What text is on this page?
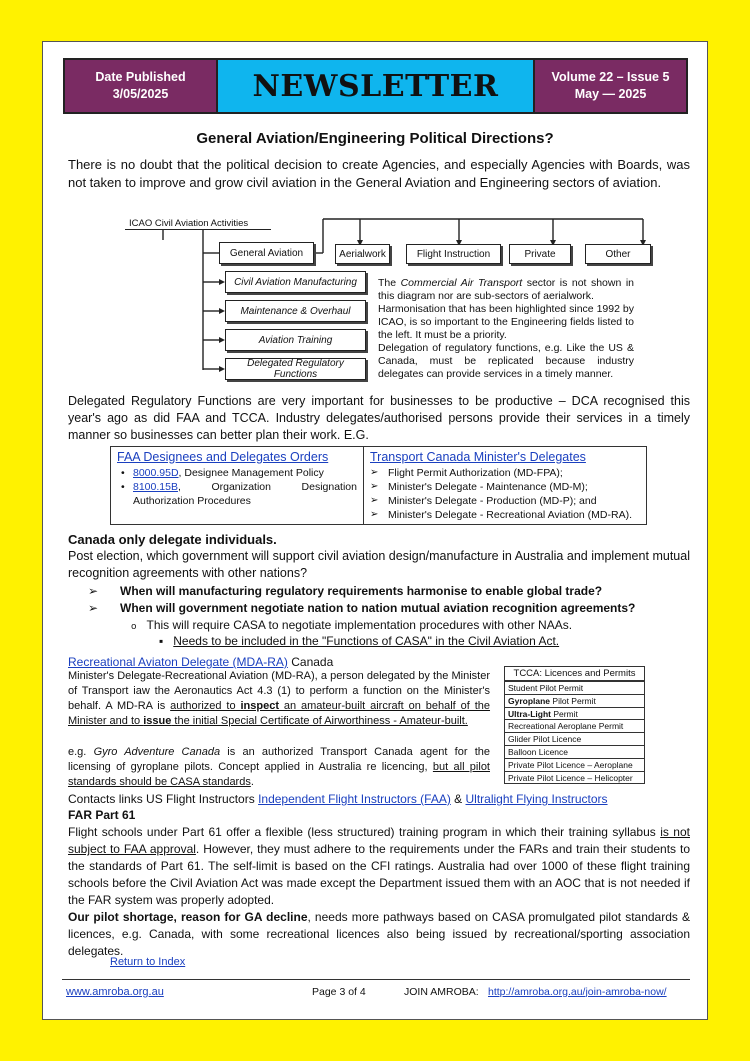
Date Published
3/05/2025	NEWSLETTER	Volume 22 – Issue 5
May — 2025
General Aviation/Engineering Political Directions?
There is no doubt that the political decision to create Agencies, and especially Agencies with Boards, was not taken to improve and grow civil aviation in the General Aviation and Engineering sectors of aviation.
ICAO Civil Aviation Activities
General Aviation	Aerialwork	Flight Instruction	Private	Other
Civil Aviation Manufacturing
Maintenance & Overhaul
Aviation Training
Delegated Regulatory Functions
The Commercial Air Transport sector is not shown in this diagram nor are sub-sectors of aerialwork.
Harmonisation that has been highlighted since 1992 by ICAO, is so important to the Engineering fields listed to the left. It must be a priority.
Delegation of regulatory functions, e.g. Like the US & Canada, must be replicated because industry delegates can provide services in a timely manner.
Delegated Regulatory Functions are very important for businesses to be productive – DCA recognised this year's ago as did FAA and TCCA. Industry delegates/authorised persons provide their services in a timely manner so businesses can better plan their work. E.G.
FAA Designees and Delegates Orders
• 8000.95D, Designee Management Policy
• 8100.15B, Organization Designation Authorization Procedures
Transport Canada Minister's Delegates
➢ Flight Permit Authorization (MD-FPA);
➢ Minister's Delegate - Maintenance (MD-M);
➢ Minister's Delegate - Production (MD-P); and
➢ Minister's Delegate - Recreational Aviation (MD-RA).
Canada only delegate individuals.
Post election, which government will support civil aviation design/manufacture in Australia and implement mutual recognition agreements with other nations?
➢ When will manufacturing regulatory requirements harmonise to enable global trade?
➢ When will government negotiate nation to nation mutual aviation recognition agreements?
o This will require CASA to negotiate implementation procedures with other NAAs.
▪ Needs to be included in the "Functions of CASA" in the Civil Aviation Act.
Recreational Aviaton Delegate (MDA-RA) Canada
Minister's Delegate-Recreational Aviation (MD-RA), a person delegated by the Minister of Transport iaw the Aeronautics Act 4.3 (1) to perform a function on the Minister's behalf. A MD-RA is authorized to inspect an amateur-built aircraft on behalf of the Minister and to issue the initial Special Certificate of Airworthiness - Amateur-built.
e.g. Gyro Adventure Canada is an authorized Transport Canada agent for the licensing of gyroplane pilots. Concept applied in Australia re licencing, but all pilot standards should be CASA standards.
TCCA: Licences and Permits
Student Pilot Permit
Gyroplane Pilot Permit
Ultra-Light Permit
Recreational Aeroplane Permit
Glider Pilot Licence
Balloon Licence
Private Pilot Licence – Aeroplane
Private Pilot Licence – Helicopter
Contacts links US Flight Instructors Independent Flight Instructors (FAA) & Ultralight Flying Instructors
FAR Part 61
Flight schools under Part 61 offer a flexible (less structured) training program in which their training syllabus is not subject to FAA approval. However, they must adhere to the requirements under the FARs and train their students to the standards of Part 61. The self-limit is based on the CFI ratings. Australia had over 1000 of these flight training schools before the Civil Aviation Act was made except the Department issued them with an AOC that is not needed if the FAR system was properly adopted.
Our pilot shortage, reason for GA decline, needs more pathways based on CASA promulgated pilot standards & licences, e.g. Canada, with some recreational licences also being issued by recreational/sporting association delegates.
Return to Index
www.amroba.org.au	Page 3 of 4	JOIN AMROBA: http://amroba.org.au/join-amroba-now/
